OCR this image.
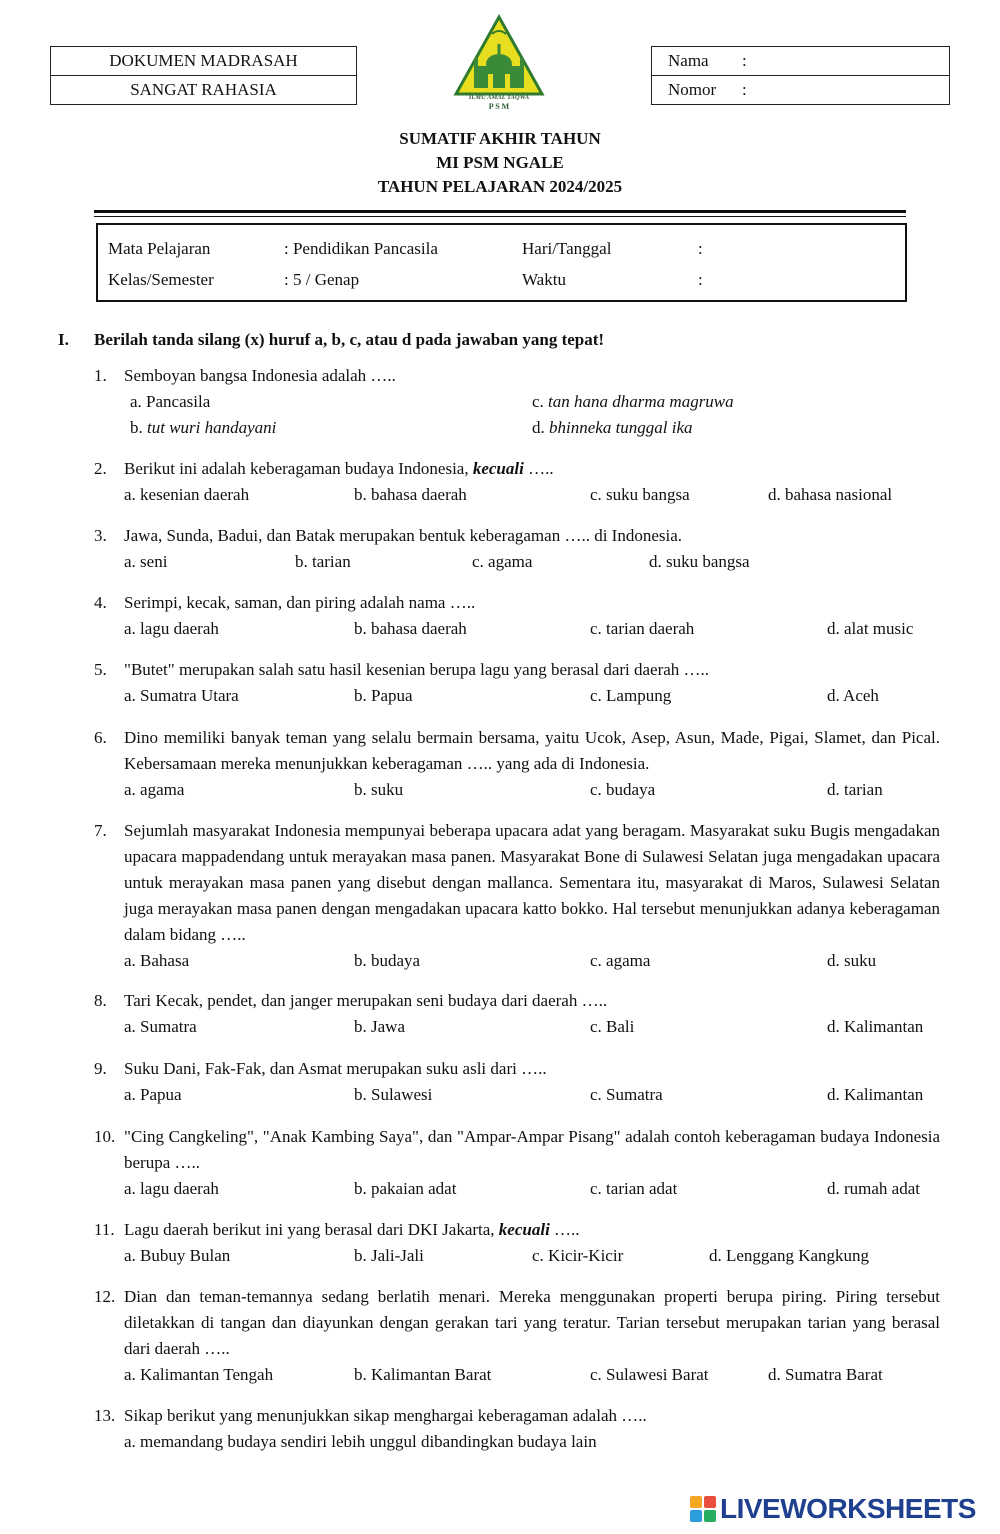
DOKUMEN MADRASAH
SANGAT RAHASIA	ILMU AMAL TAQWA
P S M
Nama :
Nomor :
SUMATIF AKHIR TAHUN
MI PSM NGALE
TAHUN PELAJARAN 2024/2025
Mata Pelajaran	: Pendidikan Pancasila	Hari/Tanggal	:
Kelas/Semester	: 5 / Genap	Waktu	:
I. Berilah tanda silang (x) huruf a, b, c, atau d pada jawaban yang tepat!
1. Semboyan bangsa Indonesia adalah …..
a. Pancasila	c. tan hana dharma magruwa
b. tut wuri handayani	d. bhinneka tunggal ika
2. Berikut ini adalah keberagaman budaya Indonesia, kecuali …..
a. kesenian daerah	b. bahasa daerah	c. suku bangsa	d. bahasa nasional
3. Jawa, Sunda, Badui, dan Batak merupakan bentuk keberagaman ….. di Indonesia.
a. seni	b. tarian	c. agama	d. suku bangsa
4. Serimpi, kecak, saman, dan piring adalah nama …..
a. lagu daerah	b. bahasa daerah	c. tarian daerah	d. alat music
5. "Butet" merupakan salah satu hasil kesenian berupa lagu yang berasal dari daerah …..
a. Sumatra Utara	b. Papua	c. Lampung	d. Aceh
6. Dino memiliki banyak teman yang selalu bermain bersama, yaitu Ucok, Asep, Asun, Made, Pigai, Slamet, dan Pical. Kebersamaan mereka menunjukkan keberagaman ….. yang ada di Indonesia.
a. agama	b. suku	c. budaya	d. tarian
7. Sejumlah masyarakat Indonesia mempunyai beberapa upacara adat yang beragam. Masyarakat suku Bugis mengadakan upacara mappadendang untuk merayakan masa panen. Masyarakat Bone di Sulawesi Selatan juga mengadakan upacara untuk merayakan masa panen yang disebut dengan mallanca. Sementara itu, masyarakat di Maros, Sulawesi Selatan juga merayakan masa panen dengan mengadakan upacara katto bokko. Hal tersebut menunjukkan adanya keberagaman dalam bidang …..
a. Bahasa	b. budaya	c. agama	d. suku
8. Tari Kecak, pendet, dan janger merupakan seni budaya dari daerah …..
a. Sumatra	b. Jawa	c. Bali	d. Kalimantan
9. Suku Dani, Fak-Fak, dan Asmat merupakan suku asli dari …..
a. Papua	b. Sulawesi	c. Sumatra	d. Kalimantan
10. "Cing Cangkeling", "Anak Kambing Saya", dan "Ampar-Ampar Pisang" adalah contoh keberagaman budaya Indonesia berupa …..
a. lagu daerah	b. pakaian adat	c. tarian adat	d. rumah adat
11. Lagu daerah berikut ini yang berasal dari DKI Jakarta, kecuali …..
a. Bubuy Bulan	b. Jali-Jali	c. Kicir-Kicir	d. Lenggang Kangkung
12. Dian dan teman-temannya sedang berlatih menari. Mereka menggunakan properti berupa piring. Piring tersebut diletakkan di tangan dan diayunkan dengan gerakan tari yang teratur. Tarian tersebut merupakan tarian yang berasal dari daerah …..
a. Kalimantan Tengah	b. Kalimantan Barat	c. Sulawesi Barat	d. Sumatra Barat
13. Sikap berikut yang menunjukkan sikap menghargai keberagaman adalah …..
a. memandang budaya sendiri lebih unggul dibandingkan budaya lain
LIVEWORKSHEETS
